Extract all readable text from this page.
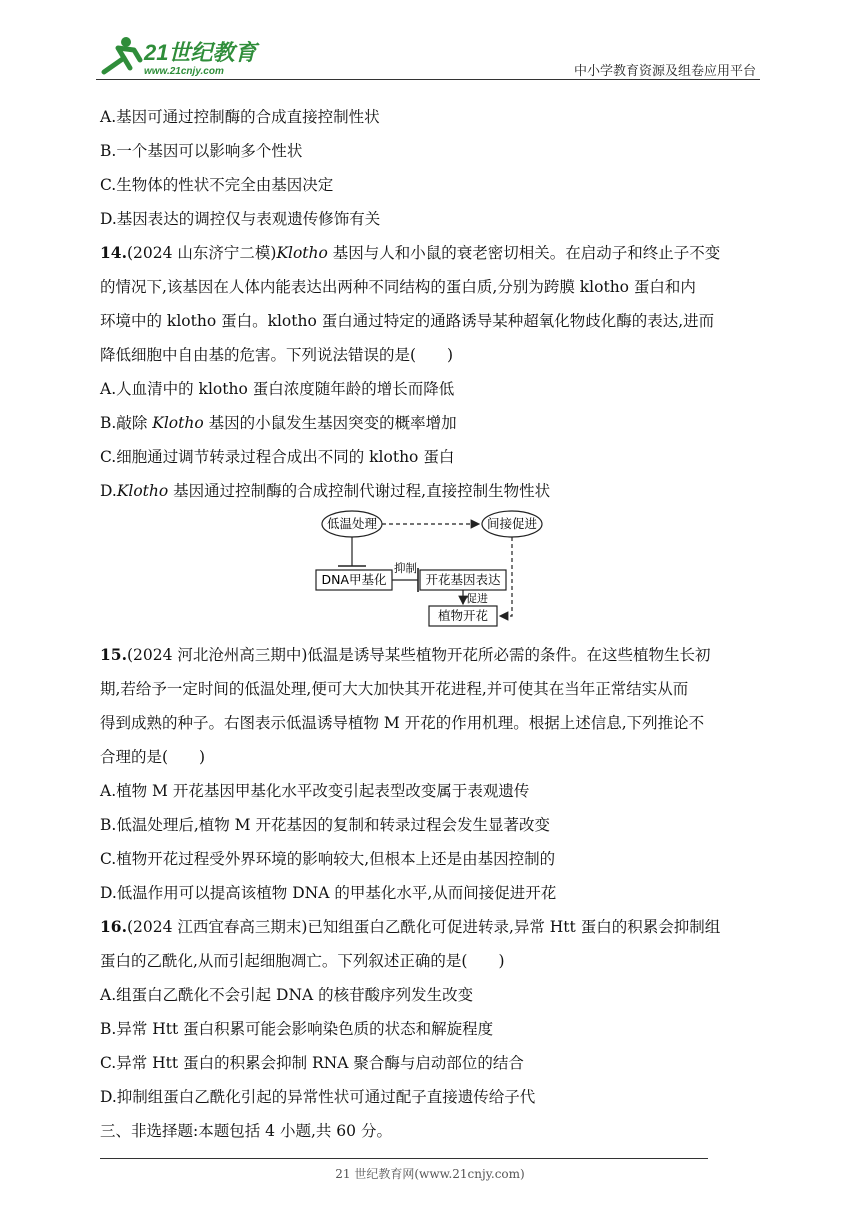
21世纪教育
www.21cnjy.com	中小学教育资源及组卷应用平台
A.基因可通过控制酶的合成直接控制性状
B.一个基因可以影响多个性状
C.生物体的性状不完全由基因决定
D.基因表达的调控仅与表观遗传修饰有关
14.(2024 山东济宁二模)Klotho 基因与人和小鼠的衰老密切相关。在启动子和终止子不变
的情况下,该基因在人体内能表达出两种不同结构的蛋白质,分别为跨膜 klotho 蛋白和内
环境中的 klotho 蛋白。klotho 蛋白通过特定的通路诱导某种超氧化物歧化酶的表达,进而
降低细胞中自由基的危害。下列说法错误的是(　　)
A.人血清中的 klotho 蛋白浓度随年龄的增长而降低
B.敲除 Klotho 基因的小鼠发生基因突变的概率增加
C.细胞通过调节转录过程合成出不同的 klotho 蛋白
D.Klotho 基因通过控制酶的合成控制代谢过程,直接控制生物性状
低温处理	间接促进
DNA甲基化
抑制
开花基因表达
促进
植物开花
15.(2024 河北沧州高三期中)低温是诱导某些植物开花所必需的条件。在这些植物生长初
期,若给予一定时间的低温处理,便可大大加快其开花进程,并可使其在当年正常结实从而
得到成熟的种子。右图表示低温诱导植物 M 开花的作用机理。根据上述信息,下列推论不
合理的是(　　)
A.植物 M 开花基因甲基化水平改变引起表型改变属于表观遗传
B.低温处理后,植物 M 开花基因的复制和转录过程会发生显著改变
C.植物开花过程受外界环境的影响较大,但根本上还是由基因控制的
D.低温作用可以提高该植物 DNA 的甲基化水平,从而间接促进开花
16.(2024 江西宜春高三期末)已知组蛋白乙酰化可促进转录,异常 Htt 蛋白的积累会抑制组
蛋白的乙酰化,从而引起细胞凋亡。下列叙述正确的是(　　)
A.组蛋白乙酰化不会引起 DNA 的核苷酸序列发生改变
B.异常 Htt 蛋白积累可能会影响染色质的状态和解旋程度
C.异常 Htt 蛋白的积累会抑制 RNA 聚合酶与启动部位的结合
D.抑制组蛋白乙酰化引起的异常性状可通过配子直接遗传给子代
三、非选择题:本题包括 4 小题,共 60 分。
21 世纪教育网(www.21cnjy.com)
